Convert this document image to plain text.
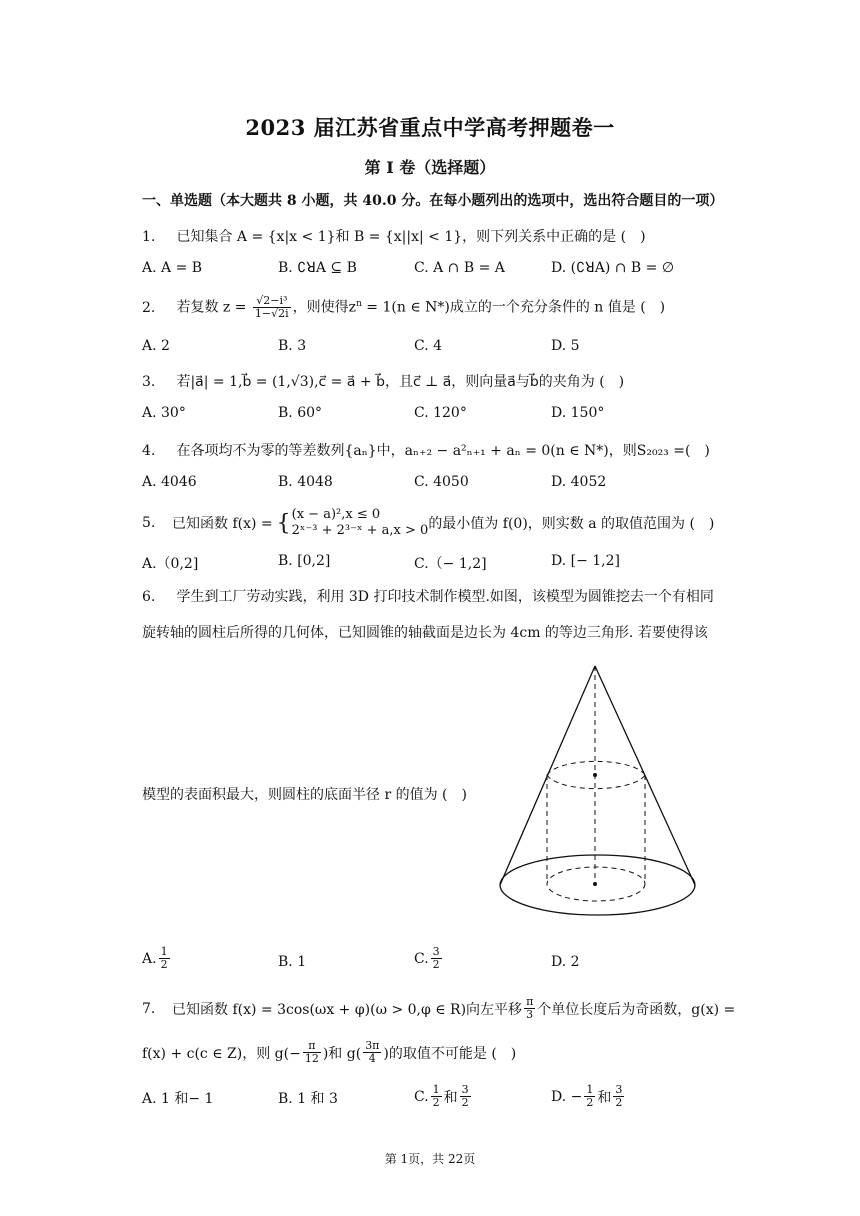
2023 届江苏省重点中学高考押题卷一
第 I 卷（选择题）
一、单选题（本大题共 8 小题，共 40.0 分。在每小题列出的选项中，选出符合题目的一项）
1. 已知集合 A = {x|x < 1}和 B = {x||x| < 1}，则下列关系中正确的是 (　)
A. A = B	B. ∁ꓤA ⊆ B	C. A ∩ B = A	D. (∁ꓤA) ∩ B = ∅
2. 若复数 $z = \frac{\text{√2−i³}}{1-√2i}$ ，则使得$z^n = 1(n$ ∈ N*)成立的一个充分条件的 n 值是 (　)
A. 2	B. 3	C. 4	D. 5
3. 若|a⃗| = 1,b⃗ = (1,√3),c⃗ = a⃗ + b⃗，且c⃗ ⊥ a⃗，则向量a⃗与b⃗的夹角为 (　)
A. 30°	B. 60°	C. 120°	D. 150°
4. 在各项均不为零的等差数列{aₙ}中，aₙ₊₂ − a²ₙ₊₁ + aₙ = 0(n ∈ N*)，则S₂₀₂₃ =(　)
A. 4046	B. 4048	C. 4050	D. 4052
5.	已知函数 f(x) = { (x − a)²,x ≤ 0
2ˣ⁻³ + 2³⁻ˣ + a,x > 0 的最小值为 f(0)，则实数 a 的取值范围为 (　)
A.（0,2]	B. [0,2]	C.（− 1,2]	D. [− 1,2]
6. 学生到工厂劳动实践，利用 3D 打印技术制作模型.如图，该模型为圆锥挖去一个有相同
旋转轴的圆柱后所得的几何体，已知圆锥的轴截面是边长为 4cm 的等边三角形. 若要使得该
模型的表面积最大，则圆柱的底面半径 r 的值为 (　)
A. $\frac{1}{2}$	B. 1	C. $\frac{3}{2}$	D. 2
7.	已知函数 f(x) = 3cos(ωx + φ)(ω > 0,φ ∈ R)向左平移 $\frac{\pi}{3}$ 个单位长度后为奇函数，g(x) =
f(x) + c(c ∈ Z)，则 $g(- \frac{\pi}{12}$ )和 $g( \frac{3\pi}{4}$ )的取值不可能是 (　)
A. 1 和− 1	B. 1 和 3	C. $\frac{1}{2}$ 和 $\frac{3}{2}$	D. − $\frac{1}{2}$ 和 $\frac{3}{2}$
第 1页，共 22页
